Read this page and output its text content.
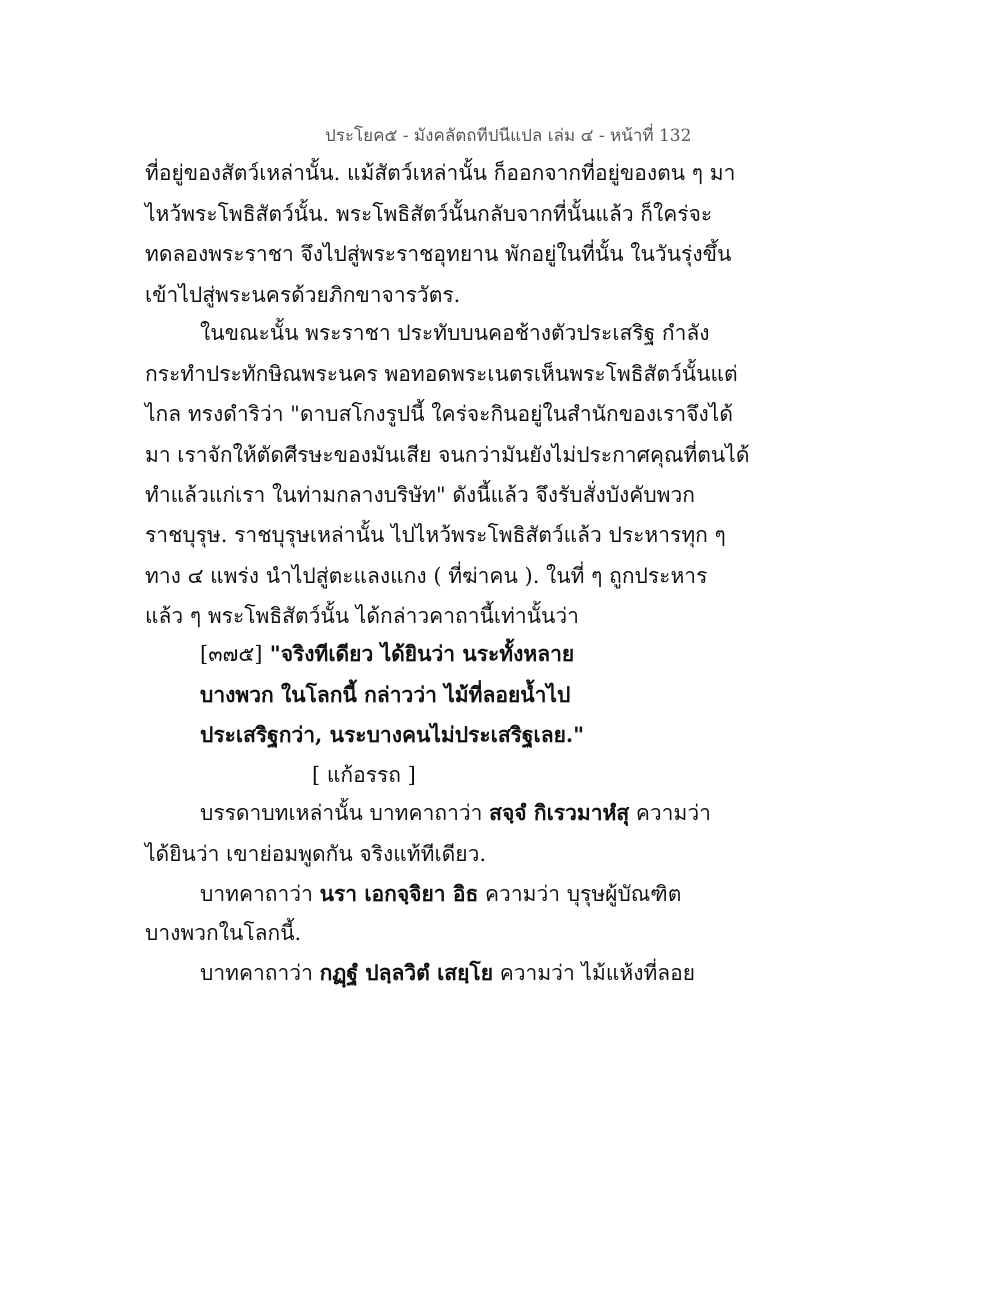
ประโยค๕ - มังคลัตถทีปนีแปล เล่ม ๔ - หน้าที่ 132
ที่อยู่ของสัตว์เหล่านั้น. แม้สัตว์เหล่านั้น ก็ออกจากที่อยู่ของตน ๆ มา
ไหว้พระโพธิสัตว์นั้น. พระโพธิสัตว์นั้นกลับจากที่นั้นแล้ว ก็ใคร่จะ
ทดลองพระราชา จึงไปสู่พระราชอุทยาน พักอยู่ในที่นั้น ในวันรุ่งขึ้น
เข้าไปสู่พระนครด้วยภิกขาจารวัตร.
ในขณะนั้น พระราชา ประทับบนคอช้างตัวประเสริฐ กำลัง
กระทำประทักษิณพระนคร พอทอดพระเนตรเห็นพระโพธิสัตว์นั้นแต่
ไกล ทรงดำริว่า "ดาบสโกงรูปนี้ ใคร่จะกินอยู่ในสำนักของเราจึงได้
มา เราจักให้ตัดศีรษะของมันเสีย จนกว่ามันยังไม่ประกาศคุณที่ตนได้
ทำแล้วแก่เรา ในท่ามกลางบริษัท" ดังนี้แล้ว จึงรับสั่งบังคับพวก
ราชบุรุษ. ราชบุรุษเหล่านั้น ไปไหว้พระโพธิสัตว์แล้ว ประหารทุก ๆ
ทาง ๔ แพร่ง นำไปสู่ตะแลงแกง ( ที่ฆ่าคน ). ในที่ ๆ ถูกประหาร
แล้ว ๆ พระโพธิสัตว์นั้น ได้กล่าวคาถานี้เท่านั้นว่า
[๓๗๕] "จริงทีเดียว ได้ยินว่า นระทั้งหลาย
บางพวก ในโลกนี้ กล่าวว่า ไม้ที่ลอยน้ำไป
ประเสริฐกว่า, นระบางคนไม่ประเสริฐเลย."
[ แก้อรรถ ]
บรรดาบทเหล่านั้น บาทคาถาว่า สจฺจํ กิเรวมาหํสุ ความว่า
ได้ยินว่า เขาย่อมพูดกัน จริงแท้ทีเดียว.
บาทคาถาว่า นรา เอกจฺจิยา อิธ ความว่า บุรุษผู้บัณฑิต
บางพวกในโลกนี้.
บาทคาถาว่า กฏฺฐํ ปลฺลวิตํ เสยฺโย ความว่า ไม้แห้งที่ลอย
